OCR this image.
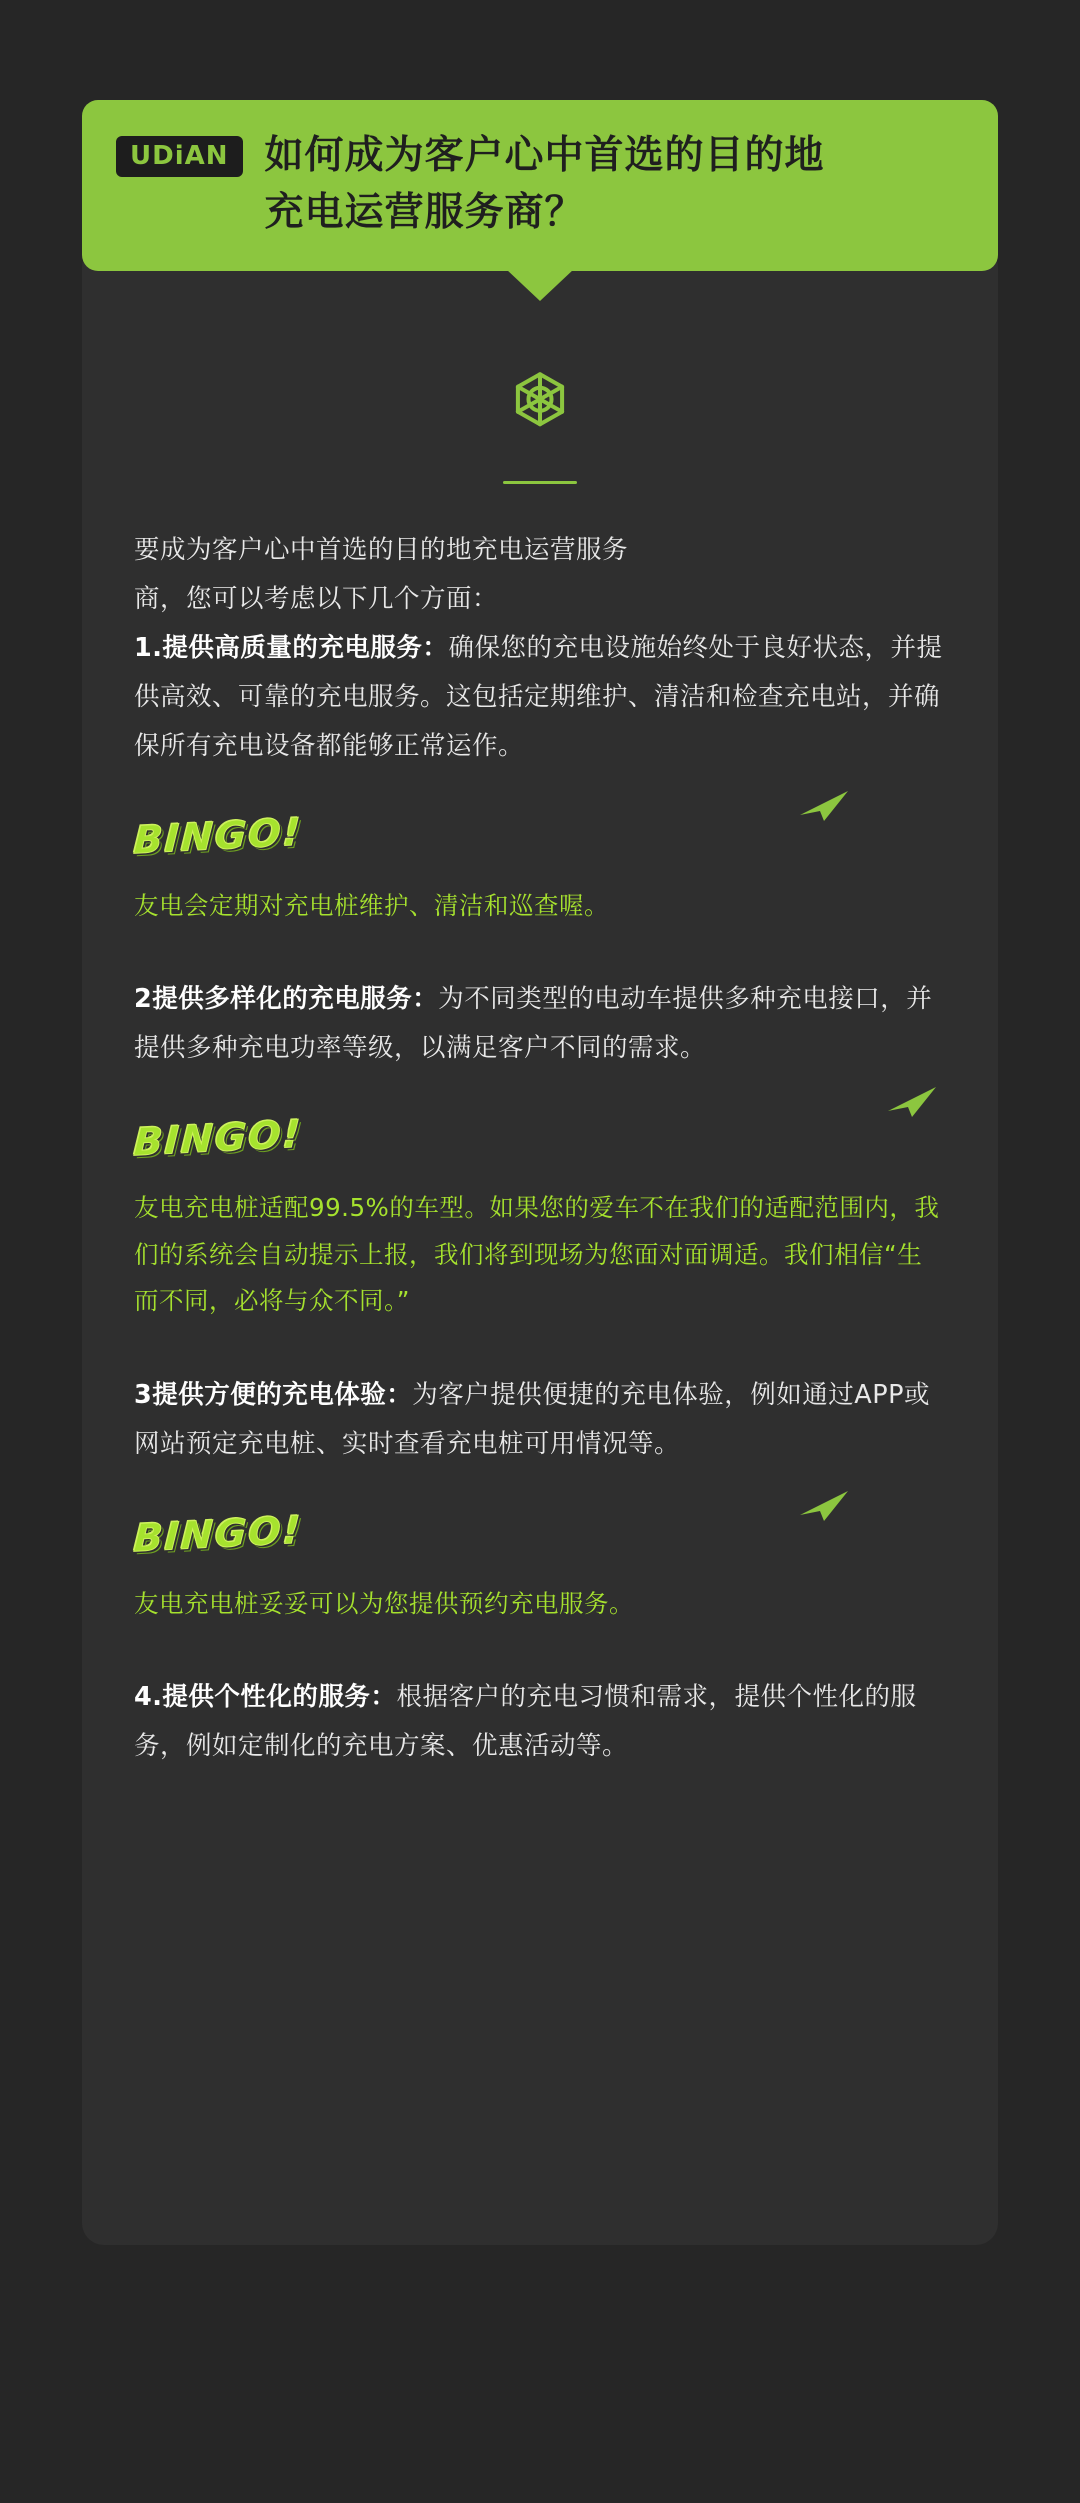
UDiAN 如何成为客户心中首选的目的地
充电运营服务商？

要成为客户心中首选的目的地充电运营服务

商，您可以考虑以下几个方面：

1.提供高质量的充电服务：确保您的充电设施始终处于良好状态，并提供高效、可靠的充电服务。这包括定期维护、清洁和检查充电站，并确保所有充电设备都能够正常运作。

BINGO!

友电会定期对充电桩维护、清洁和巡查喔。

2提供多样化的充电服务：为不同类型的电动车提供多种充电接口，并提供多种充电功率等级，以满足客户不同的需求。

BINGO!

友电充电桩适配99.5%的车型。如果您的爱车不在我们的适配范围内，我们的系统会自动提示上报，我们将到现场为您面对面调适。我们相信“生而不同，必将与众不同。”

3提供方便的充电体验：为客户提供便捷的充电体验，例如通过APP或网站预定充电桩、实时查看充电桩可用情况等。

BINGO!

友电充电桩妥妥可以为您提供预约充电服务。

4.提供个性化的服务：根据客户的充电习惯和需求，提供个性化的服务，例如定制化的充电方案、优惠活动等。
